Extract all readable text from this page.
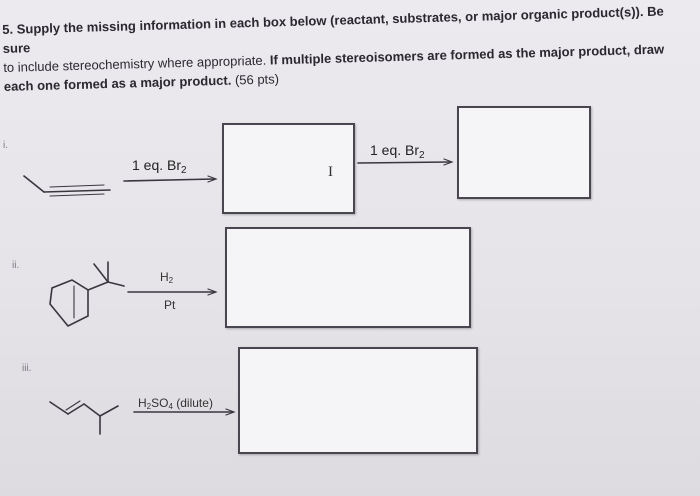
5. Supply the missing information in each box below (reactant, substrates, or major organic product(s)). Be sure
to include stereochemistry where appropriate. If multiple stereoisomers are formed as the major product, draw
each one formed as a major product. (56 pts)
i.
ii.
iii.
1 eq. $Br_2$
1 eq. $Br_2$
$H_2$
Pt
$H_2SO_4$ (dilute)
I
